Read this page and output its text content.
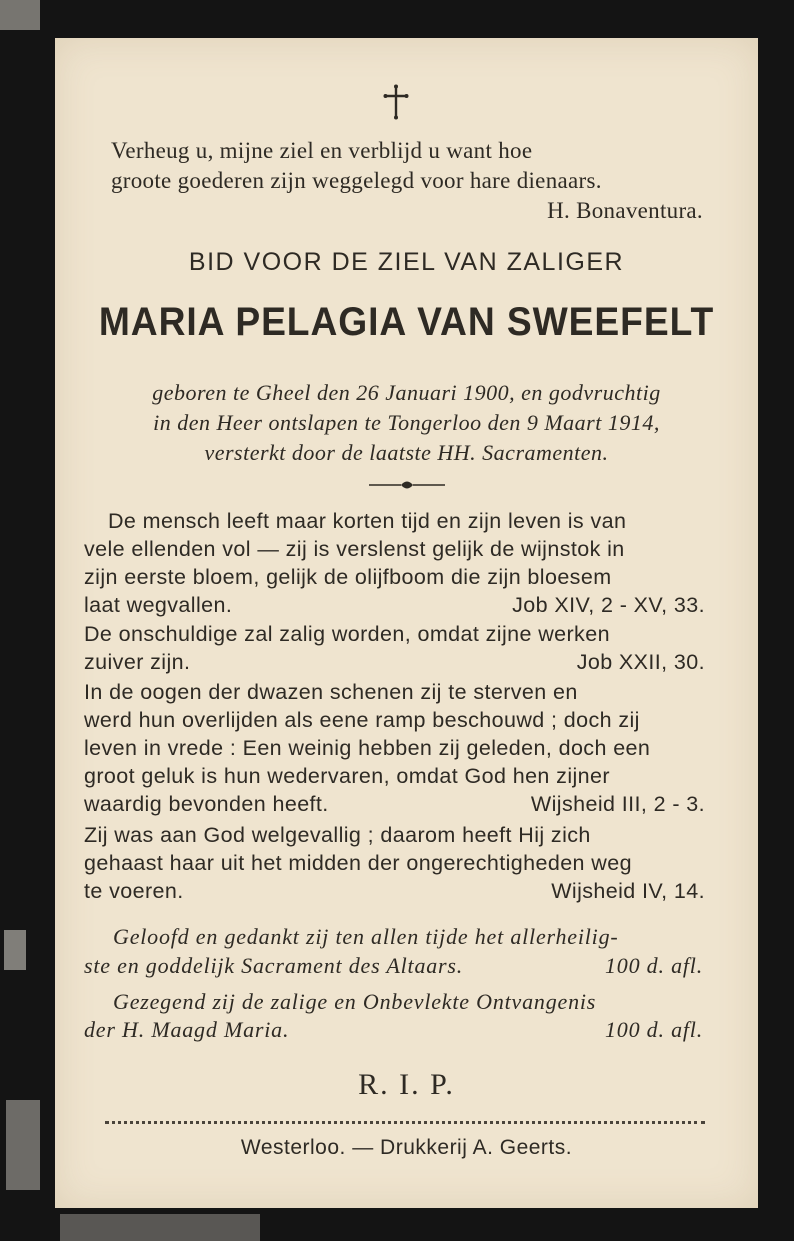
Verheug u, mijne ziel en verblijd u want hoe
groote goederen zijn weggelegd voor hare dienaars.
H. Bonaventura.
BID VOOR DE ZIEL VAN ZALIGER
MARIA PELAGIA VAN SWEEFELT
geboren te Gheel den 26 Januari 1900, en godvruchtig
in den Heer ontslapen te Tongerloo den 9 Maart 1914,
versterkt door de laatste HH. Sacramenten.
De mensch leeft maar korten tijd en zijn leven is van
vele ellenden vol — zij is verslenst gelijk de wijnstok in
zijn eerste bloem, gelijk de olijfboom die zijn bloesem
laat wegvallen.	Job XIV, 2 - XV, 33.
De onschuldige zal zalig worden, omdat zijne werken
zuiver zijn.	Job XXII, 30.
In de oogen der dwazen schenen zij te sterven en
werd hun overlijden als eene ramp beschouwd ; doch zij
leven in vrede : Een weinig hebben zij geleden, doch een
groot geluk is hun wedervaren, omdat God hen zijner
waardig bevonden heeft.	Wijsheid III, 2 - 3.
Zij was aan God welgevallig ; daarom heeft Hij zich
gehaast haar uit het midden der ongerechtigheden weg
te voeren.	Wijsheid IV, 14.
Geloofd en gedankt zij ten allen tijde het allerheilig-
ste en goddelijk Sacrament des Altaars.	100 d. afl.
Gezegend zij de zalige en Onbevlekte Ontvangenis
der H. Maagd Maria.	100 d. afl.
R. I. P.
Westerloo. — Drukkerij A. Geerts.
